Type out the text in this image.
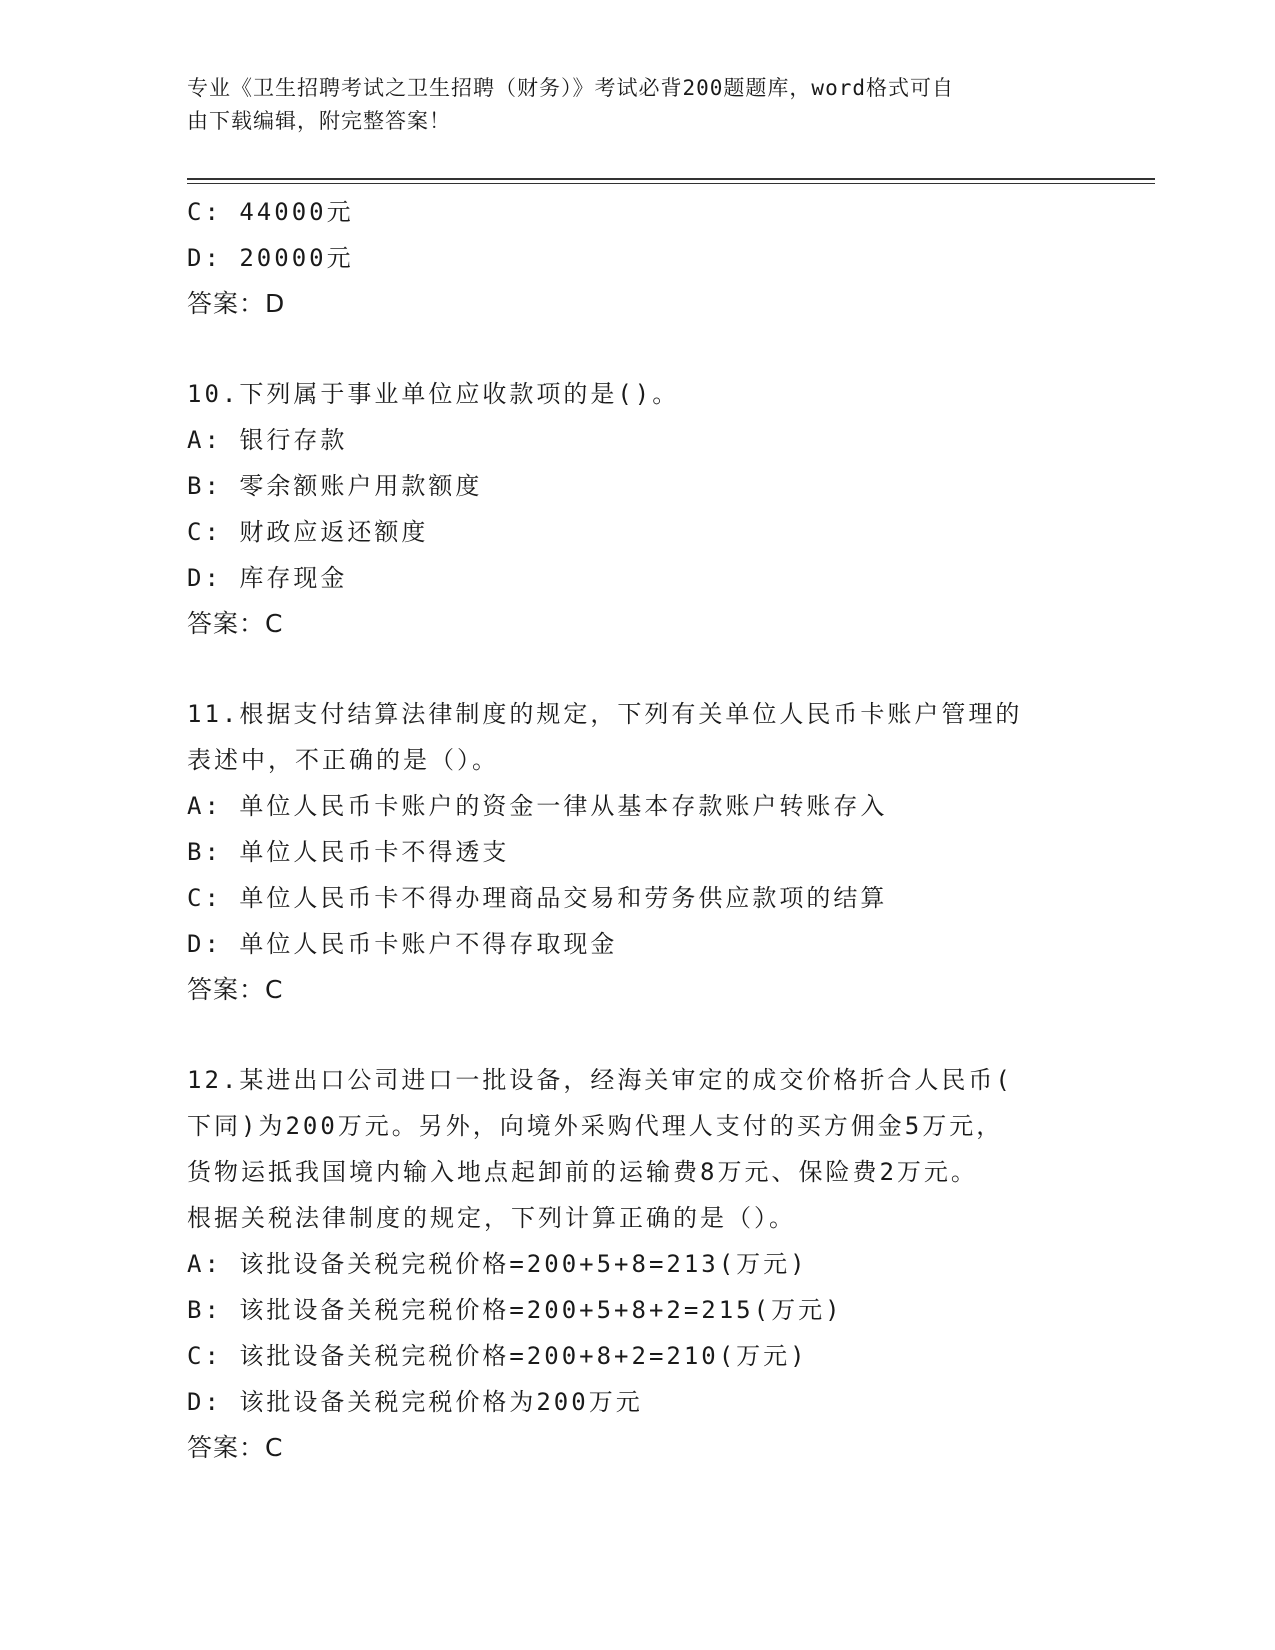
专业《卫生招聘考试之卫生招聘（财务）》考试必背200题题库，word格式可自
由下载编辑，附完整答案！
C: 44000元
D: 20000元
答案：D
10.下列属于事业单位应收款项的是()。
A: 银行存款
B: 零余额账户用款额度
C: 财政应返还额度
D: 库存现金
答案：C
11.根据支付结算法律制度的规定，下列有关单位人民币卡账户管理的
表述中，不正确的是（）。
A: 单位人民币卡账户的资金一律从基本存款账户转账存入
B: 单位人民币卡不得透支
C: 单位人民币卡不得办理商品交易和劳务供应款项的结算
D: 单位人民币卡账户不得存取现金
答案：C
12.某进出口公司进口一批设备，经海关审定的成交价格折合人民币(
下同)为200万元。另外，向境外采购代理人支付的买方佣金5万元，
货物运抵我国境内输入地点起卸前的运输费8万元、保险费2万元。
根据关税法律制度的规定，下列计算正确的是（）。
A: 该批设备关税完税价格=200+5+8=213(万元)
B: 该批设备关税完税价格=200+5+8+2=215(万元)
C: 该批设备关税完税价格=200+8+2=210(万元)
D: 该批设备关税完税价格为200万元
答案：C
